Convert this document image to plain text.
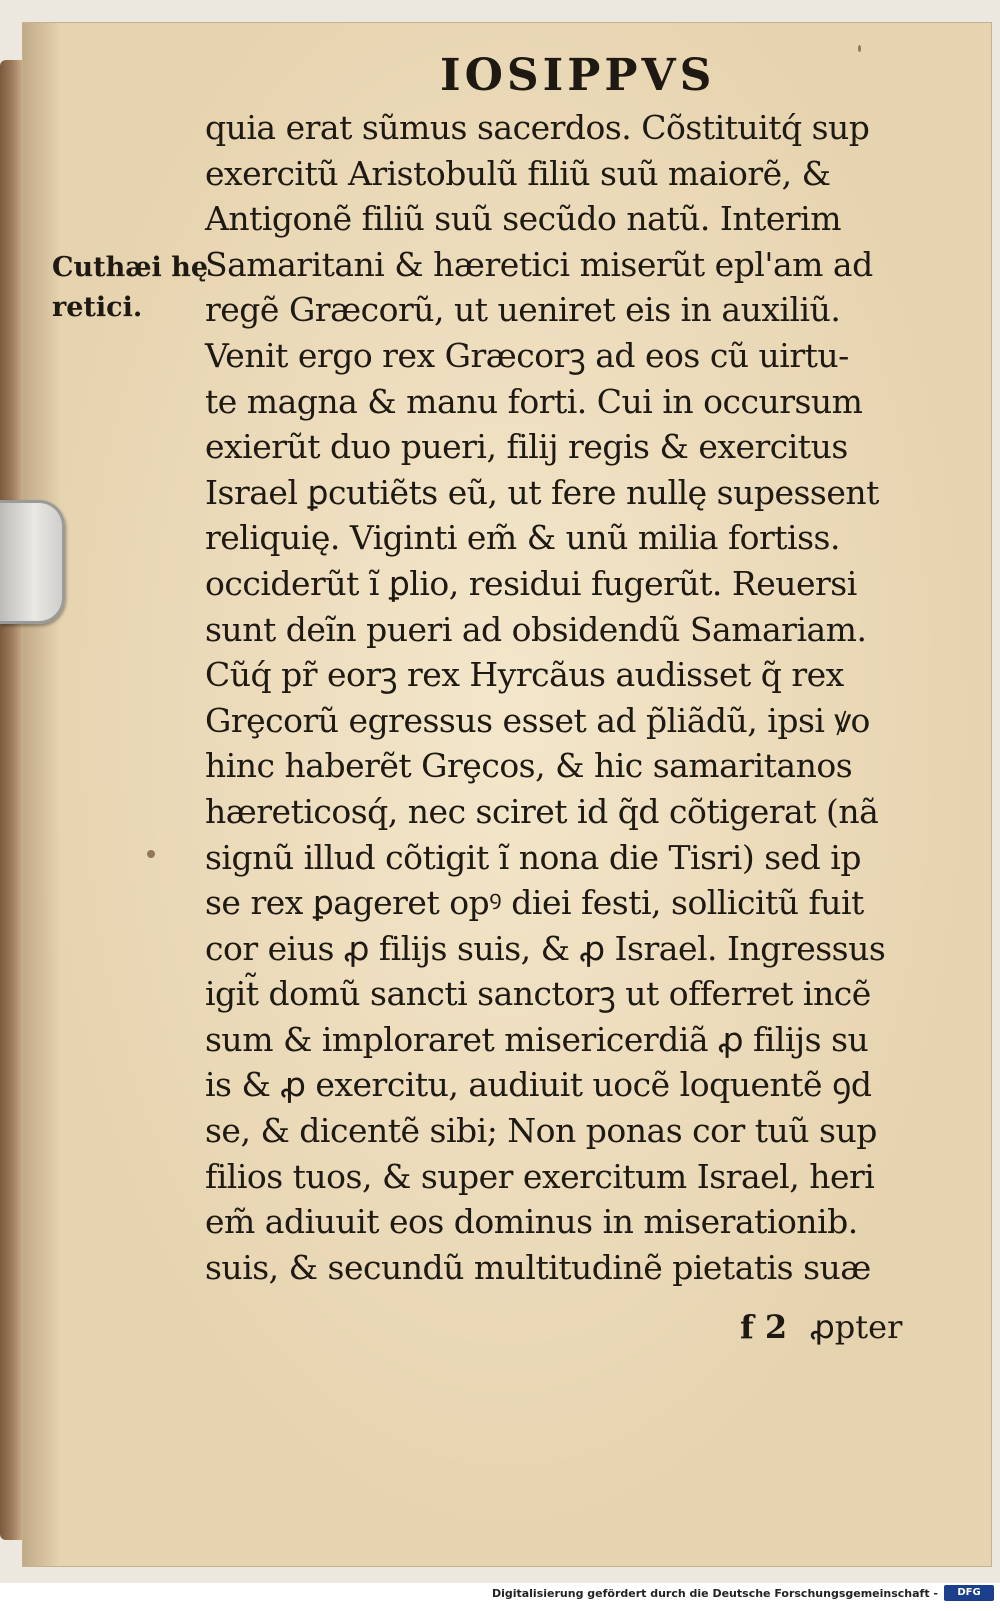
IOSIPPVS
Cuthæi hę
retici.
quia erat sũmus sacerdos. Cõstituitq́ sup
exercitũ Aristobulũ filiũ suũ maiorẽ, &
Antigonẽ filiũ suũ secũdo natũ. Interim
Samaritani & hæretici miserũt epl'am ad
regẽ Græcorũ, ut ueniret eis in auxiliũ.
Venit ergo rex Græcorꝫ ad eos cũ uirtu-
te magna & manu forti. Cui in occursum
exierũt duo pueri, filij regis & exercitus
Israel ꝑcutiẽts eũ, ut fere nullę supessent
reliquię. Viginti em̃ & unũ milia fortiss.
occiderũt ĩ ꝑlio, residui fugerũt. Reuersi
sunt deĩn pueri ad obsidendũ Samariam.
Cũq́ pr̃ eorꝫ rex Hyrcãus audisset q̃ rex
Grȩcorũ egressus esset ad p̃liãdũ, ipsi ꝟo
hinc haberẽt Grȩcos, & hic samaritanos
hæreticosq́, nec sciret id q̃d cõtigerat (nã
signũ illud cõtigit ĩ nona die Tisri) sed ip
se rex ꝑageret opꝰ diei festi, sollicitũ fuit
cor eius ꝓ filijs suis, & ꝓ Israel. Ingressus
igit̃ domũ sancti sanctorꝫ ut offerret incẽ
sum & imploraret misericerdiã ꝓ filijs su
is & ꝓ exercitu, audiuit uocẽ loquentẽ ꝯd
se, & dicentẽ sibi; Non ponas cor tuũ sup
filios tuos, & super exercitum Israel, heri
em̃ adiuuit eos dominus in miserationib.
suis, & secundũ multitudinẽ pietatis suæ
f 2 ꝓpter
Digitalisierung gefördert durch die Deutsche Forschungsgemeinschaft -	DFG
